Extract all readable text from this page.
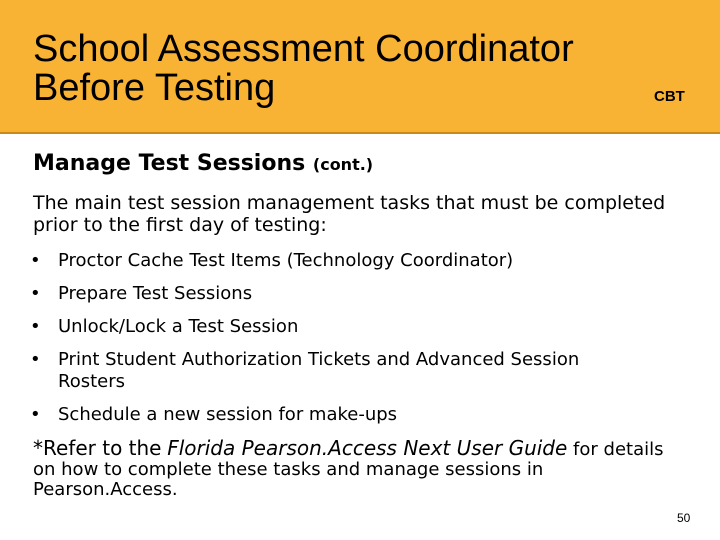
School Assessment Coordinator
Before Testing	CBT
Manage Test Sessions (cont.)

The main test session management tasks that must be completed prior to the first day of testing:

• Proctor Cache Test Items (Technology Coordinator)
• Prepare Test Sessions
• Unlock/Lock a Test Session
• Print Student Authorization Tickets and Advanced Session Rosters
• Schedule a new session for make-ups

*Refer to the Florida Pearson.Access Next User Guide for details on how to complete these tasks and manage sessions in Pearson.Access.

50
